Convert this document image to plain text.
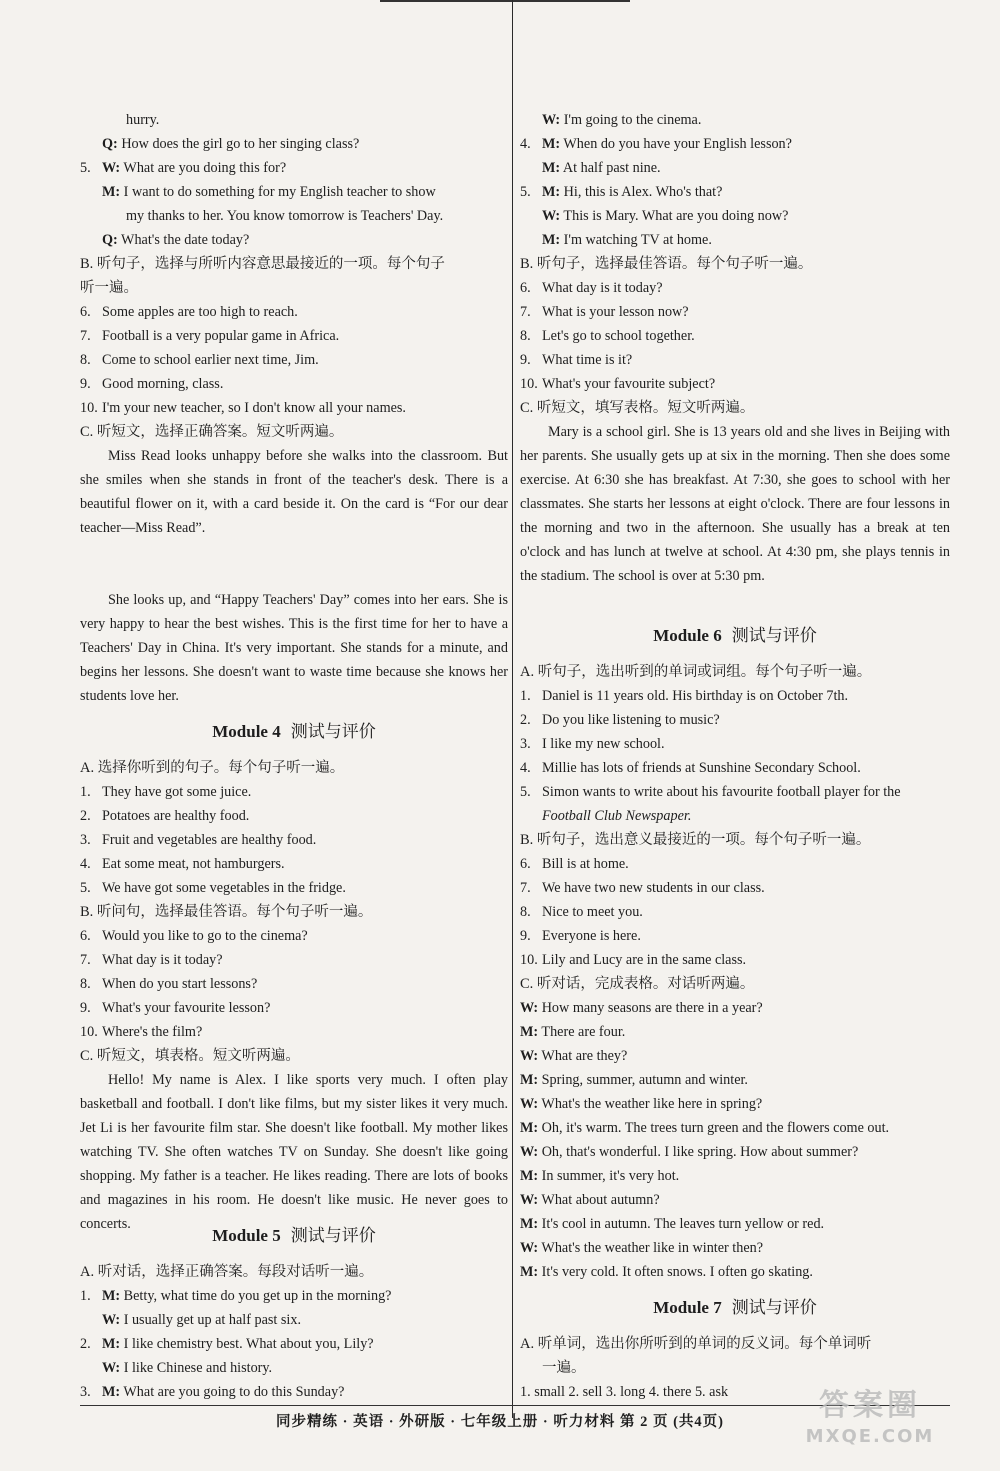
hurry.
Q: How does the girl go to her singing class?
5. W: What are you doing this for?
M: I want to do something for my English teacher to show
my thanks to her. You know tomorrow is Teachers' Day.
Q: What's the date today?
B. 听句子，选择与所听内容意思最接近的一项。每个句子
听一遍。
6. Some apples are too high to reach.
7. Football is a very popular game in Africa.
8. Come to school earlier next time, Jim.
9. Good morning, class.
10. I'm your new teacher, so I don't know all your names.
C. 听短文，选择正确答案。短文听两遍。
Miss Read looks unhappy before she walks into the classroom. But she smiles when she stands in front of the teacher's desk. There is a beautiful flower on it, with a card beside it. On the card is “For our dear teacher—Miss Read”.
She looks up, and “Happy Teachers' Day” comes into her ears. She is very happy to hear the best wishes. This is the first time for her to have a Teachers' Day in China. It's very important. She stands for a minute, and begins her lessons. She doesn't want to waste time because she knows her students love her.
Module 4 测试与评价
A. 选择你听到的句子。每个句子听一遍。
1. They have got some juice.
2. Potatoes are healthy food.
3. Fruit and vegetables are healthy food.
4. Eat some meat, not hamburgers.
5. We have got some vegetables in the fridge.
B. 听问句，选择最佳答语。每个句子听一遍。
6. Would you like to go to the cinema?
7. What day is it today?
8. When do you start lessons?
9. What's your favourite lesson?
10. Where's the film?
C. 听短文，填表格。短文听两遍。
Hello! My name is Alex. I like sports very much. I often play basketball and football. I don't like films, but my sister likes it very much. Jet Li is her favourite film star. She doesn't like football. My mother likes watching TV. She often watches TV on Sunday. She doesn't like going shopping. My father is a teacher. He likes reading. There are lots of books and magazines in his room. He doesn't like music. He never goes to concerts.
Module 5 测试与评价
A. 听对话，选择正确答案。每段对话听一遍。
1. M: Betty, what time do you get up in the morning?
W: I usually get up at half past six.
2. M: I like chemistry best. What about you, Lily?
W: I like Chinese and history.
3. M: What are you going to do this Sunday?
W: I'm going to the cinema.
4. M: When do you have your English lesson?
M: At half past nine.
5. M: Hi, this is Alex. Who's that?
W: This is Mary. What are you doing now?
M: I'm watching TV at home.
B. 听句子，选择最佳答语。每个句子听一遍。
6. What day is it today?
7. What is your lesson now?
8. Let's go to school together.
9. What time is it?
10. What's your favourite subject?
C. 听短文，填写表格。短文听两遍。
Mary is a school girl. She is 13 years old and she lives in Beijing with her parents. She usually gets up at six in the morning. Then she does some exercise. At 6:30 she has breakfast. At 7:30, she goes to school with her classmates. She starts her lessons at eight o'clock. There are four lessons in the morning and two in the afternoon. She usually has a break at ten o'clock and has lunch at twelve at school. At 4:30 pm, she plays tennis in the stadium. The school is over at 5:30 pm.
Module 6 测试与评价
A. 听句子，选出听到的单词或词组。每个句子听一遍。
1. Daniel is 11 years old. His birthday is on October 7th.
2. Do you like listening to music?
3. I like my new school.
4. Millie has lots of friends at Sunshine Secondary School.
5. Simon wants to write about his favourite football player for the
Football Club Newspaper.
B. 听句子，选出意义最接近的一项。每个句子听一遍。
6. Bill is at home.
7. We have two new students in our class.
8. Nice to meet you.
9. Everyone is here.
10. Lily and Lucy are in the same class.
C. 听对话，完成表格。对话听两遍。
W: How many seasons are there in a year?
M: There are four.
W: What are they?
M: Spring, summer, autumn and winter.
W: What's the weather like here in spring?
M: Oh, it's warm. The trees turn green and the flowers come out.
W: Oh, that's wonderful. I like spring. How about summer?
M: In summer, it's very hot.
W: What about autumn?
M: It's cool in autumn. The leaves turn yellow or red.
W: What's the weather like in winter then?
M: It's very cold. It often snows. I often go skating.
Module 7 测试与评价
A. 听单词，选出你所听到的单词的反义词。每个单词听
一遍。
1. small 2. sell 3. long 4. there 5. ask
同步精练 · 英语 · 外研版 · 七年级上册 · 听力材料 第 2 页 (共4页)	答案圈
MXQE.COM
